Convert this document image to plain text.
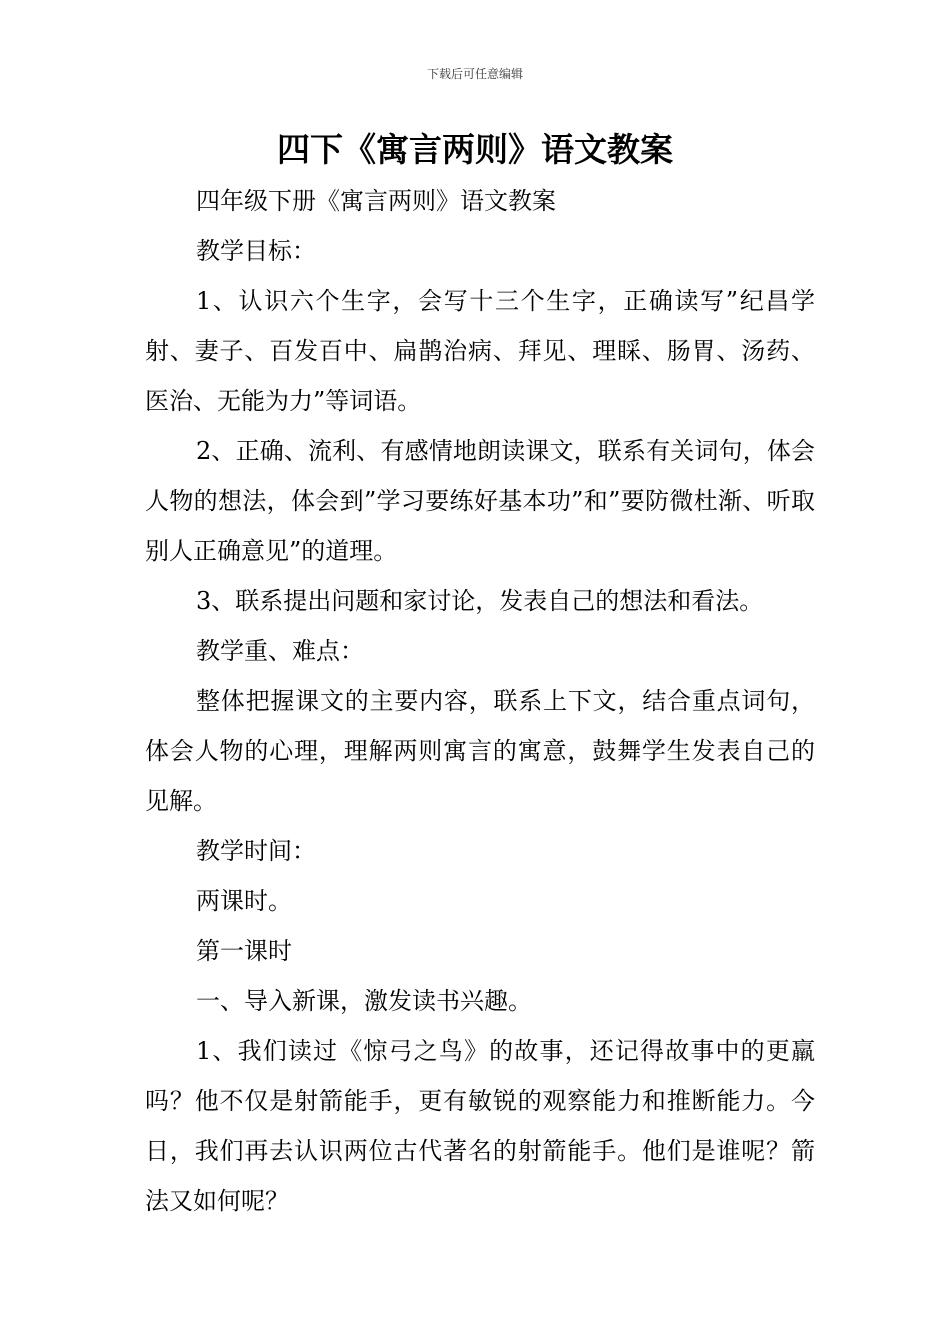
下载后可任意编辑
四下《寓言两则》语文教案

四年级下册《寓言两则》语文教案

教学目标：

1、认识六个生字，会写十三个生字，正确读写”纪昌学射、妻子、百发百中、扁鹊治病、拜见、理睬、肠胃、汤药、医治、无能为力”等词语。

2、正确、流利、有感情地朗读课文，联系有关词句，体会人物的想法，体会到”学习要练好基本功”和”要防微杜渐、听取别人正确意见”的道理。

3、联系提出问题和家讨论，发表自己的想法和看法。

教学重、难点：

整体把握课文的主要内容，联系上下文，结合重点词句，体会人物的心理，理解两则寓言的寓意，鼓舞学生发表自己的见解。

教学时间：

两课时。

第一课时

一、导入新课，激发读书兴趣。

1、我们读过《惊弓之鸟》的故事，还记得故事中的更羸吗？他不仅是射箭能手，更有敏锐的观察能力和推断能力。今日，我们再去认识两位古代著名的射箭能手。他们是谁呢？箭法又如何呢？
